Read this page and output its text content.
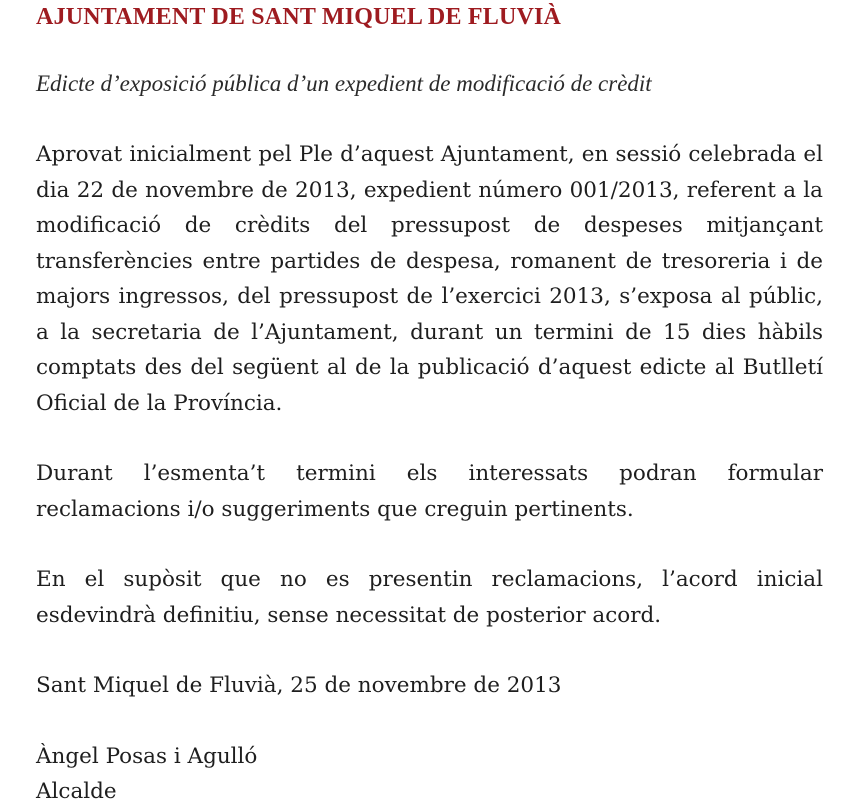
AJUNTAMENT DE SANT MIQUEL DE FLUVIÀ

Edicte d’exposició pública d’un expedient de modificació de crèdit

Aprovat inicialment pel Ple d’aquest Ajuntament, en sessió celebrada el dia 22 de novembre de 2013, expedient número 001/2013, referent a la modificació de crèdits del pressupost de despeses mitjançant transferències entre partides de despesa, romanent de tresoreria i de majors ingressos, del pressupost de l’exercici 2013, s’exposa al públic, a la secretaria de l’Ajuntament, durant un termini de 15 dies hàbils comptats des del següent al de la publicació d’aquest edicte al Butlletí Oficial de la Província.

Durant l’esmenta’t termini els interessats podran formular reclamacions i/o suggeriments que creguin pertinents.

En el supòsit que no es presentin reclamacions, l’acord inicial esdevindrà definitiu, sense necessitat de posterior acord.

Sant Miquel de Fluvià, 25 de novembre de 2013

Àngel Posas i Agulló

Alcalde
